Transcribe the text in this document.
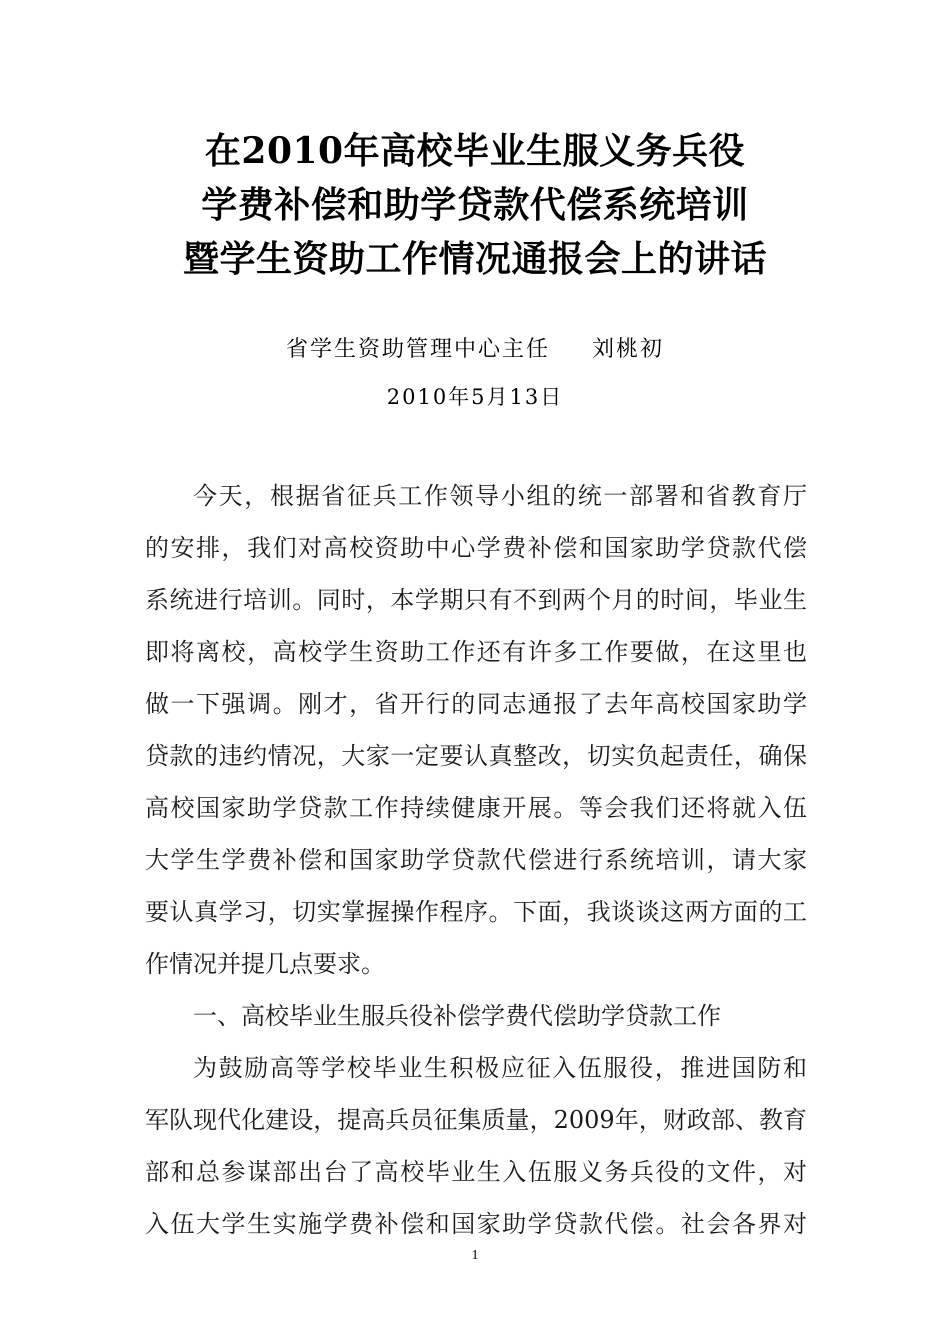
在2010年高校毕业生服义务兵役
学费补偿和助学贷款代偿系统培训
暨学生资助工作情况通报会上的讲话
省学生资助管理中心主任 刘桃初
2010年5月13日
今天，根据省征兵工作领导小组的统一部署和省教育厅
的安排，我们对高校资助中心学费补偿和国家助学贷款代偿
系统进行培训。同时，本学期只有不到两个月的时间，毕业生
即将离校，高校学生资助工作还有许多工作要做，在这里也
做一下强调。刚才，省开行的同志通报了去年高校国家助学
贷款的违约情况，大家一定要认真整改，切实负起责任，确保
高校国家助学贷款工作持续健康开展。等会我们还将就入伍
大学生学费补偿和国家助学贷款代偿进行系统培训，请大家
要认真学习，切实掌握操作程序。下面，我谈谈这两方面的工
作情况并提几点要求。
一、高校毕业生服兵役补偿学费代偿助学贷款工作
为鼓励高等学校毕业生积极应征入伍服役，推进国防和
军队现代化建设，提高兵员征集质量，2009年，财政部、教育
部和总参谋部出台了高校毕业生入伍服义务兵役的文件，对
入伍大学生实施学费补偿和国家助学贷款代偿。社会各界对
1
